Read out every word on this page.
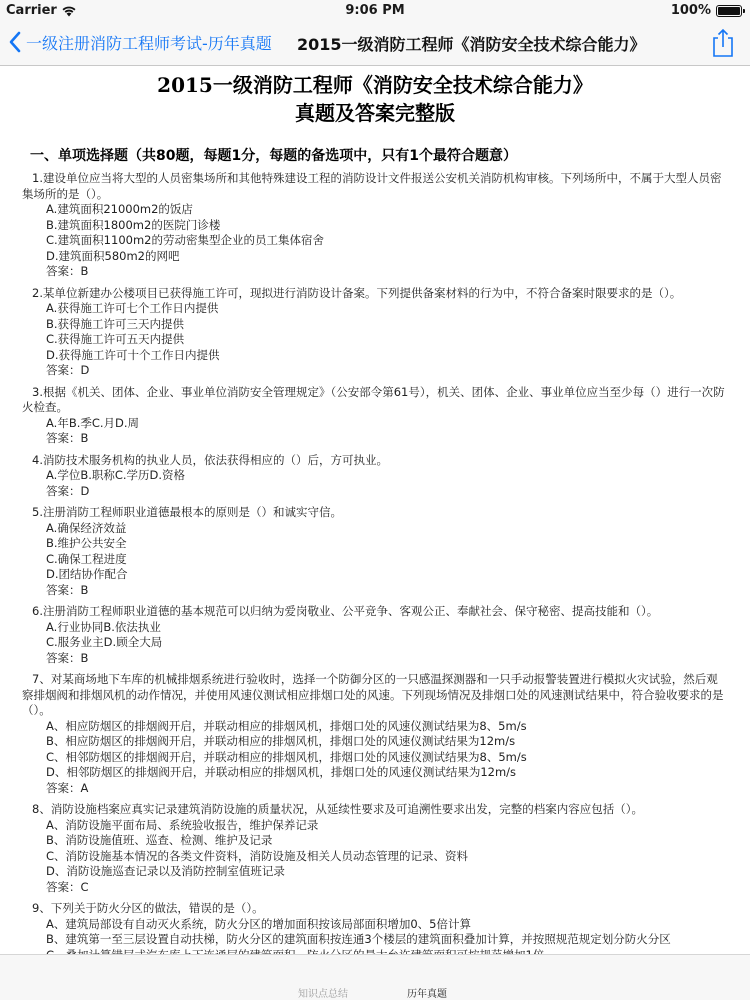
Carrier	9:06 PM	100%
一级注册消防工程师考试-历年真题 2015一级消防工程师《消防安全技术综合能力》
2015一级消防工程师《消防安全技术综合能力》
真题及答案完整版
一、单项选择题（共80题，每题1分，每题的备选项中，只有1个最符合题意）
1.建设单位应当将大型的人员密集场所和其他特殊建设工程的消防设计文件报送公安机关消防机构审核。下列场所中，不属于大型人员密集场所的是（）。
A.建筑面积21000m2的饭店
B.建筑面积1800m2的医院门诊楼
C.建筑面积1100m2的劳动密集型企业的员工集体宿舍
D.建筑面积580m2的网吧
答案：B
2.某单位新建办公楼项目已获得施工许可，现拟进行消防设计备案。下列提供备案材料的行为中，不符合备案时限要求的是（）。
A.获得施工许可七个工作日内提供
B.获得施工许可三天内提供
C.获得施工许可五天内提供
D.获得施工许可十个工作日内提供
答案：D
3.根据《机关、团体、企业、事业单位消防安全管理规定》（公安部令第61号），机关、团体、企业、事业单位应当至少每（）进行一次防火检查。
A.年B.季C.月D.周
答案：B
4.消防技术服务机构的执业人员，依法获得相应的（）后，方可执业。
A.学位B.职称C.学历D.资格
答案：D
5.注册消防工程师职业道德最根本的原则是（）和诚实守信。
A.确保经济效益
B.维护公共安全
C.确保工程进度
D.团结协作配合
答案：B
6.注册消防工程师职业道德的基本规范可以归纳为爱岗敬业、公平竞争、客观公正、奉献社会、保守秘密、提高技能和（）。
A.行业协同B.依法执业
C.服务业主D.顾全大局
答案：B
7、对某商场地下车库的机械排烟系统进行验收时，选择一个防御分区的一只感温探测器和一只手动报警装置进行模拟火灾试验，然后观察排烟阀和排烟风机的动作情况，并使用风速仪测试相应排烟口处的风速。下列现场情况及排烟口处的风速测试结果中，符合验收要求的是（）。
A、相应防烟区的排烟阀开启，并联动相应的排烟风机，排烟口处的风速仪测试结果为8、5m/s
B、相应防烟区的排烟阀开启，并联动相应的排烟风机，排烟口处的风速仪测试结果为12m/s
C、相邻防烟区的排烟阀开启，并联动相应的排烟风机，排烟口处的风速仪测试结果为8、5m/s
D、相邻防烟区的排烟阀开启，并联动相应的排烟风机，排烟口处的风速仪测试结果为12m/s
答案：A
8、消防设施档案应真实记录建筑消防设施的质量状况，从延续性要求及可追溯性要求出发，完整的档案内容应包括（）。
A、消防设施平面布局、系统验收报告，维护保养记录
B、消防设施值班、巡查、检测、维护及记录
C、消防设施基本情况的各类文件资料，消防设施及相关人员动态管理的记录、资料
D、消防设施巡查记录以及消防控制室值班记录
答案：C
9、下列关于防火分区的做法，错误的是（）。
A、建筑局部设有自动灭火系统，防火分区的增加面积按该局部面积增加0、5倍计算
B、建筑第一至三层设置自动扶梯，防火分区的建筑面积按连通3个楼层的建筑面积叠加计算，并按照规范规定划分防火分区
知识点总结	历年真题
